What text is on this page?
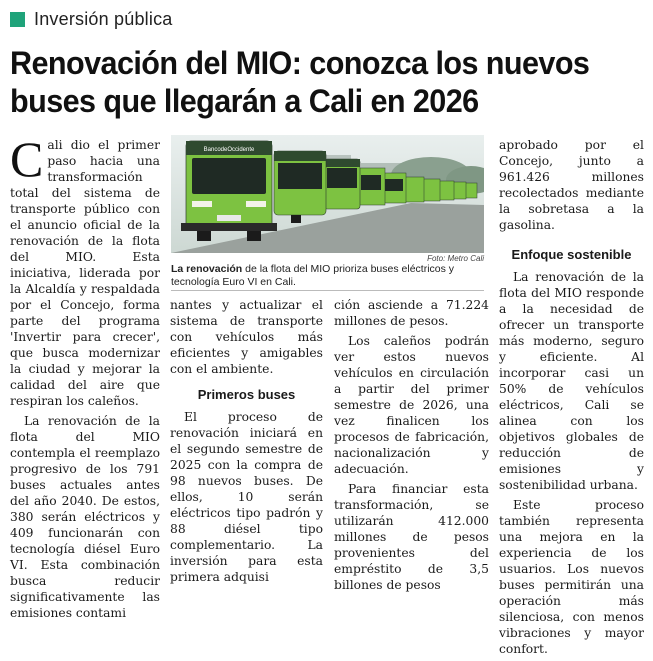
Inversión pública
Renovación del MIO: conozca los nuevos buses que llegarán a Cali en 2026

Cali dio el primer paso hacia una transformación total del sistema de transporte público con el anuncio oficial de la renovación de la flota del MIO. Esta iniciativa, liderada por la Alcaldía y respaldada por el Concejo, forma parte del programa 'Invertir para crecer', que busca modernizar la ciudad y mejorar la calidad del aire que respiran los caleños.

La renovación de la flota del MIO contempla el reemplazo progresivo de los 791 buses actuales antes del año 2040. De estos, 380 serán eléctricos y 409 funcionarán con tecnología diésel Euro VI. Esta combinación busca reducir significativamente las emisiones contami

BancodeOccidente
Foto: Metro Cali
La renovación de la flota del MIO prioriza buses eléctricos y tecnología Euro VI en Cali.

nantes y actualizar el sistema de transporte con vehículos más eficientes y amigables con el ambiente.

Primeros buses

El proceso de renovación iniciará en el segundo semestre de 2025 con la compra de 98 nuevos buses. De ellos, 10 serán eléctricos tipo padrón y 88 diésel tipo complementario. La inversión para esta primera adquisi

ción asciende a 71.224 millones de pesos.

Los caleños podrán ver estos nuevos vehículos en circulación a partir del primer semestre de 2026, una vez finalicen los procesos de fabricación, nacionalización y adecuación.

Para financiar esta transformación, se utilizarán 412.000 millones de pesos provenientes del empréstito de 3,5 billones de pesos

aprobado por el Concejo, junto a 961.426 millones recolectados mediante la sobretasa a la gasolina.

Enfoque sostenible

La renovación de la flota del MIO responde a la necesidad de ofrecer un transporte más moderno, seguro y eficiente. Al incorporar casi un 50% de vehículos eléctricos, Cali se alinea con los objetivos globales de reducción de emisiones y sostenibilidad urbana.

Este proceso también representa una mejora en la experiencia de los usuarios. Los nuevos buses permitirán una operación más silenciosa, con menos vibraciones y mayor confort.
